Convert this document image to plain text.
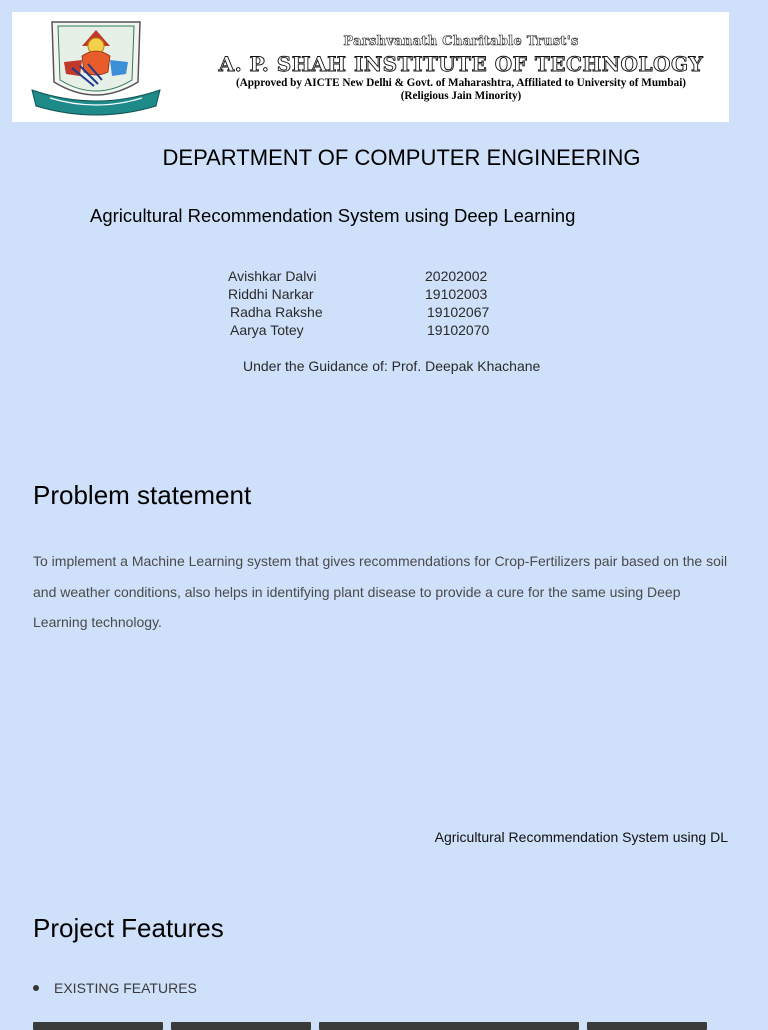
Parshvanath Charitable Trust's
A. P. SHAH INSTITUTE OF TECHNOLOGY
(Approved by AICTE New Delhi & Govt. of Maharashtra, Affiliated to University of Mumbai)
(Religious Jain Minority)
DEPARTMENT OF COMPUTER ENGINEERING
Agricultural Recommendation System using Deep Learning
Avishkar Dalvi	20202002
Riddhi Narkar	19102003
Radha Rakshe	19102067
Aarya Totey	19102070
Under the Guidance of: Prof. Deepak Khachane
Problem statement
To implement a Machine Learning system that gives recommendations for Crop-Fertilizers pair based on the soil and weather conditions, also helps in identifying plant disease to provide a cure for the same using Deep Learning technology.
Agricultural Recommendation System using DL
Project Features
EXISTING FEATURES
